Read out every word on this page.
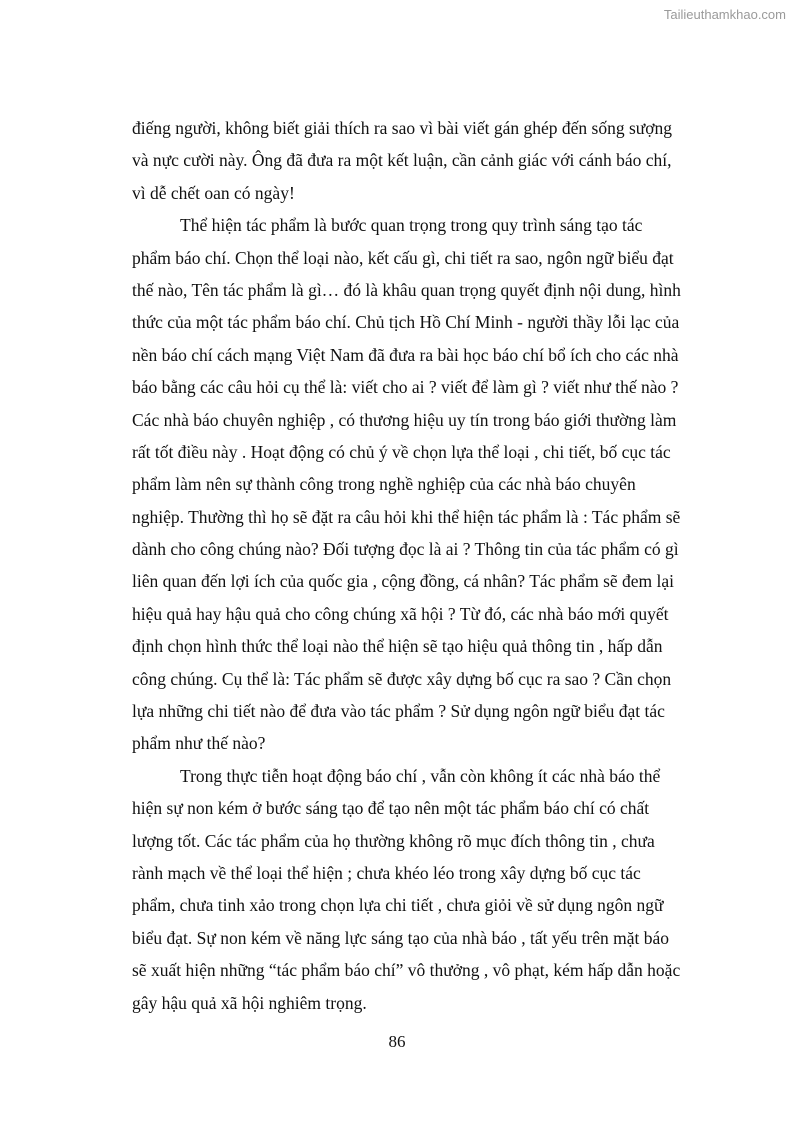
Tailieuthamkhao.com
điếng người, không biết giải thích ra sao vì bài viết gán ghép đến sống sượng
và nực cười này. Ông đã đưa ra một kết luận, cần cảnh giác với cánh báo chí,
vì dễ chết oan có ngày!
Thể hiện tác phẩm là bước quan trọng trong quy trình sáng tạo tác
phẩm báo chí. Chọn thể loại nào, kết cấu gì, chi tiết ra sao, ngôn ngữ biểu đạt
thế nào, Tên tác phẩm là gì… đó là khâu quan trọng quyết định nội dung, hình
thức của một tác phẩm báo chí. Chủ tịch Hồ Chí Minh - người thầy lỗi lạc của
nền báo chí cách mạng Việt Nam đã đưa ra bài học báo chí bổ ích cho các nhà
báo bằng các câu hỏi cụ thể là: viết cho ai ? viết để làm gì ? viết như thế nào ?
Các nhà báo chuyên nghiệp , có thương hiệu uy tín trong báo giới thường làm
rất tốt điều này . Hoạt động có chủ ý về chọn lựa thể loại , chi tiết, bố cục tác
phẩm làm nên sự thành công trong nghề nghiệp của các nhà báo chuyên
nghiệp. Thường thì họ sẽ đặt ra câu hỏi khi thể hiện tác phẩm là : Tác phẩm sẽ
dành cho công chúng nào? Đối tượng đọc là ai ? Thông tin của tác phẩm có gì
liên quan đến lợi ích của quốc gia , cộng đồng, cá nhân? Tác phẩm sẽ đem lại
hiệu quả hay hậu quả cho công chúng xã hội ? Từ đó, các nhà báo mới quyết
định chọn hình thức thể loại nào thể hiện sẽ tạo hiệu quả thông tin , hấp dẫn
công chúng. Cụ thể là: Tác phẩm sẽ được xây dựng bố cục ra sao ? Cần chọn
lựa những chi tiết nào để đưa vào tác phẩm ? Sử dụng ngôn ngữ biểu đạt tác
phẩm như thế nào?
Trong thực tiễn hoạt động báo chí , vẫn còn không ít các nhà báo thể
hiện sự non kém ở bước sáng tạo để tạo nên một tác phẩm báo chí có chất
lượng tốt. Các tác phẩm của họ thường không rõ mục đích thông tin , chưa
rành mạch về thể loại thể hiện ; chưa khéo léo trong xây dựng bố cục tác
phẩm, chưa tinh xảo trong chọn lựa chi tiết , chưa giỏi về sử dụng ngôn ngữ
biểu đạt. Sự non kém về năng lực sáng tạo của nhà báo , tất yếu trên mặt báo
sẽ xuất hiện những “tác phẩm báo chí” vô thưởng , vô phạt, kém hấp dẫn hoặc
gây hậu quả xã hội nghiêm trọng.
86
